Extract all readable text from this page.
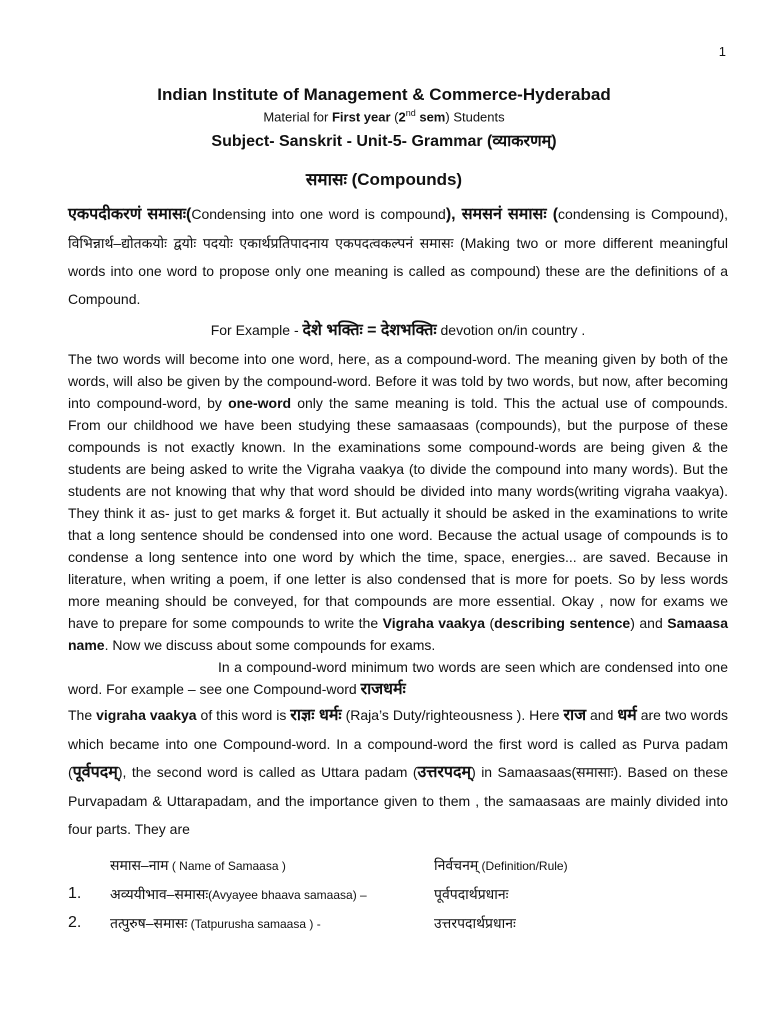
1
Indian Institute of Management & Commerce-Hyderabad
Material for First year (2nd sem) Students
Subject- Sanskrit - Unit-5- Grammar (व्याकरणम्)
समासः (Compounds)

एकपदीकरणं समासः(Condensing into one word is compound), समसनं समासः (condensing is Compound), विभिन्नार्थ–द्योतकयोः द्वयोः पदयोः एकार्थप्रतिपादनाय एकपदत्वकल्पनं समासः (Making two or more different meaningful words into one word to propose only one meaning is called as compound) these are the definitions of a Compound.

For Example - देशे भक्तिः = देशभक्तिः devotion on/in country .

The two words will become into one word, here, as a compound-word. The meaning given by both of the words, will also be given by the compound-word. Before it was told by two words, but now, after becoming into compound-word, by one-word only the same meaning is told. This the actual use of compounds. From our childhood we have been studying these samaasaas (compounds), but the purpose of these compounds is not exactly known. In the examinations some compound-words are being given & the students are being asked to write the Vigraha vaakya (to divide the compound into many words). But the students are not knowing that why that word should be divided into many words(writing vigraha vaakya). They think it as- just to get marks & forget it. But actually it should be asked in the examinations to write that a long sentence should be condensed into one word. Because the actual usage of compounds is to condense a long sentence into one word by which the time, space, energies... are saved. Because in literature, when writing a poem, if one letter is also condensed that is more for poets. So by less words more meaning should be conveyed, for that compounds are more essential. Okay , now for exams we have to prepare for some compounds to write the Vigraha vaakya (describing sentence) and Samaasa name. Now we discuss about some compounds for exams.

In a compound-word minimum two words are seen which are condensed into one word. For example – see one Compound-word राजधर्मः

The vigraha vaakya of this word is राज्ञः धर्मः (Raja’s Duty/righteousness ). Here राज and धर्म are two words which became into one Compound-word. In a compound-word the first word is called as Purva padam (पूर्वपदम्), the second word is called as Uttara padam (उत्तरपदम्) in Samaasaas(समासाः). Based on these Purvapadam & Uttarapadam, and the importance given to them , the samaasaas are mainly divided into four parts. They are

समास–नाम ( Name of Samaasa )	निर्वचनम् (Definition/Rule)
1.	अव्ययीभाव–समासः(Avyayee bhaava samaasa) –	पूर्वपदार्थप्रधानः
2.	तत्पुरुष–समासः (Tatpurusha samaasa ) -	उत्तरपदार्थप्रधानः
